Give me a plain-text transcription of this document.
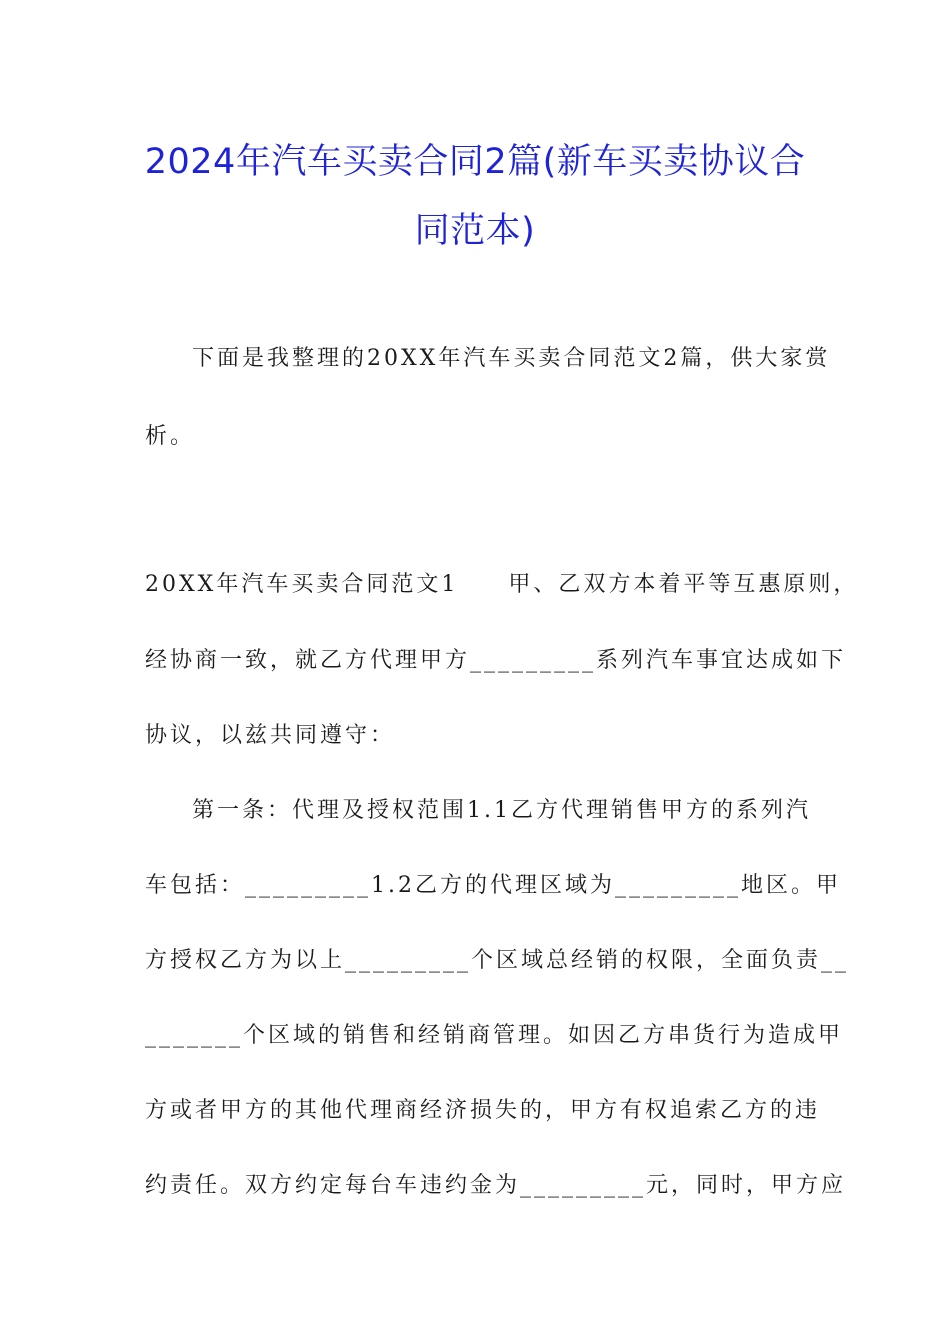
2024年汽车买卖合同2篇(新车买卖协议合
同范本)
下面是我整理的20XX年汽车买卖合同范文2篇，供大家赏
析。
20XX年汽车买卖合同范文1　　甲、乙双方本着平等互惠原则，
经协商一致，就乙方代理甲方_________系列汽车事宜达成如下
协议，以兹共同遵守：
第一条：代理及授权范围1.1乙方代理销售甲方的系列汽
车包括：_________1.2乙方的代理区域为_________地区。甲
方授权乙方为以上_________个区域总经销的权限，全面负责__
_______个区域的销售和经销商管理。如因乙方串货行为造成甲
方或者甲方的其他代理商经济损失的，甲方有权追索乙方的违
约责任。双方约定每台车违约金为_________元，同时，甲方应
